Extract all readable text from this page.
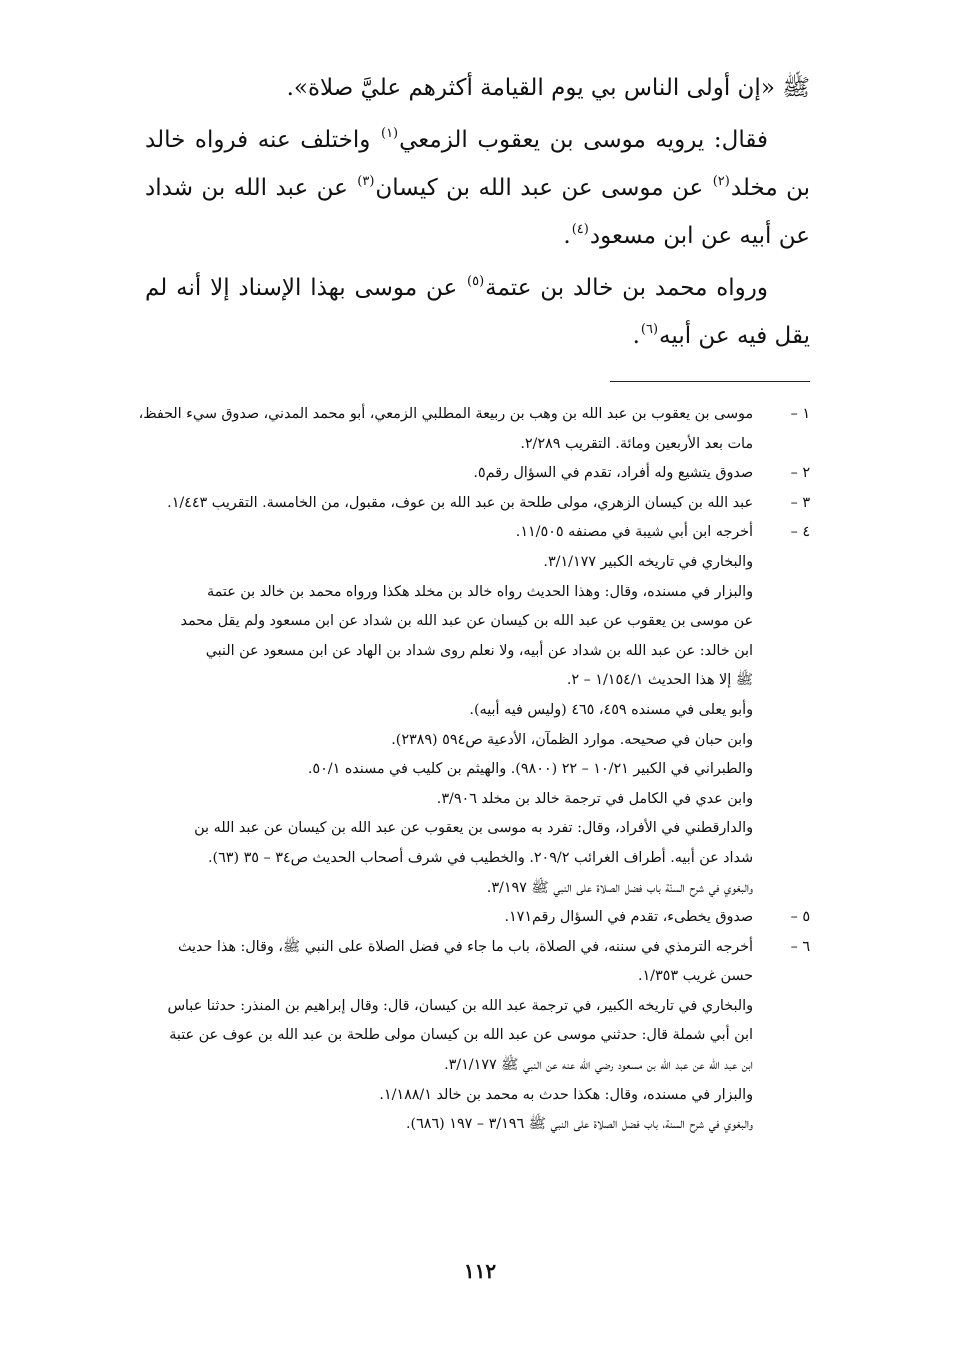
ﷺ «إن أولى الناس بي يوم القيامة أكثرهم عليَّ صلاة».

فقال: يرويه موسى بن يعقوب الزمعي$^{(١)}$ واختلف عنه فرواه خالد بن مخلد$^{(٢)}$ عن موسى عن عبد الله بن كيسان$^{(٣)}$ عن عبد الله بن شداد عن أبيه عن ابن مسعود$^{(٤)}$.

ورواه محمد بن خالد بن عتمة$^{(٥)}$ عن موسى بهذا الإسناد إلا أنه لم يقل فيه عن أبيه$^{(٦)}$.

١ –
موسى بن يعقوب بن عبد الله بن وهب بن ربيعة المطلبي الزمعي، أبو محمد المدني، صدوق سيء الحفظ،
مات بعد الأربعين ومائة. التقريب ٢/٢٨٩.
٢ –
صدوق يتشيع وله أفراد، تقدم في السؤال رقم٥.
٣ –
عبد الله بن كيسان الزهري، مولى طلحة بن عبد الله بن عوف، مقبول، من الخامسة. التقريب ١/٤٤٣.
٤ –
أخرجه ابن أبي شيبة في مصنفه ١١/٥٠٥.
والبخاري في تاريخه الكبير ٣/١/١٧٧.
والبزار في مسنده، وقال: وهذا الحديث رواه خالد بن مخلد هكذا ورواه محمد بن خالد بن عتمة
عن موسى بن يعقوب عن عبد الله بن كيسان عن عبد الله بن شداد عن ابن مسعود ولم يقل محمد
ابن خالد: عن عبد الله بن شداد عن أبيه، ولا نعلم روى شداد بن الهاد عن ابن مسعود عن النبي
ﷺ إلا هذا الحديث ١/١٥٤/١ – ٢.
وأبو يعلى في مسنده ٤٥٩، ٤٦٥ (وليس فيه أبيه).
وابن حبان في صحيحه. موارد الظمآن، الأدعية ص٥٩٤ (٢٣٨٩).
والطبراني في الكبير ١٠/٢١ – ٢٢ (٩٨٠٠). والهيثم بن كليب في مسنده ٥٠/١.
وابن عدي في الكامل في ترجمة خالد بن مخلد ٣/٩٠٦.
والدارقطني في الأفراد، وقال: تفرد به موسى بن يعقوب عن عبد الله بن كيسان عن عبد الله بن
شداد عن أبيه. أطراف الغرائب ٢٠٩/٢. والخطيب في شرف أصحاب الحديث ص٣٤ – ٣٥ (٦٣).
والبغوي في شرح السنّة باب فضل الصلاة على النبي ﷺ ٣/١٩٧.
٥ –
صدوق يخطىء، تقدم في السؤال رقم١٧١.
٦ –
أخرجه الترمذي في سننه، في الصلاة، باب ما جاء في فضل الصلاة على النبي ﷺ، وقال: هذا حديث
حسن غريب ١/٣٥٣.
والبخاري في تاريخه الكبير، في ترجمة عبد الله بن كيسان، قال: وقال إبراهيم بن المنذر: حدثنا عباس
ابن أبي شملة قال: حدثني موسى عن عبد الله بن كيسان مولى طلحة بن عبد الله بن عوف عن عتبة
ابن عبد الله عن عبد الله بن مسعود رضي الله عنه عن النبي ﷺ ٣/١/١٧٧.
والبزار في مسنده، وقال: هكذا حدث به محمد بن خالد ١/١٨٨/١.
والبغوي في شرح السنة، باب فضل الصلاة على النبي ﷺ ٣/١٩٦ – ١٩٧ (٦٨٦).
١١٢
